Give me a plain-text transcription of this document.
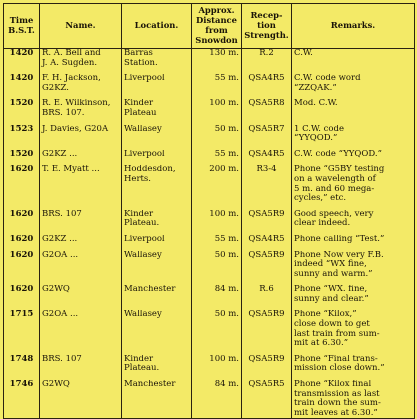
Time
B.S.T.	Name.	Location.	Approx.
Distance
from
Snowdon	Recep-
tion
Strength.	Remarks.
1420	R. A. Bell and
J. A. Sugden.	Barras
Station.	130 m.	R.2	C.W.

1420	F. H. Jackson,
G2KZ.	Liverpool	55 m.	QSA4R5	C.W. code word
“ZZQAK.”

1520	R. E. Wilkinson,
BRS. 107.	Kinder
Plateau	100 m.	QSA5R8	Mod. C.W.

1523	J. Davies, G20A	Wallasey	50 m.	QSA5R7	1 C.W. code
“YYQOD.”

1520	G2KZ ...	Liverpool	55 m.	QSA4R5	C.W. code “YYQOD.”

1620	T. E. Myatt ...	Hoddesdon,
Herts.	200 m.	R3-4	Phone “G5BY testing
on a wavelength of
5 m. and 60 mega-
cycles,” etc.

1620	BRS. 107	Kinder
Plateau.	100 m.	QSA5R9	Good speech, very
clear indeed.

1620	G2KZ ...	Liverpool	55 m.	QSA4R5	Phone calling “Test.”

1620	G2OA ...	Wallasey	50 m.	QSA5R9	Phone Now very F.B.
indeed “WX fine,
sunny and warm.”

1620	G2WQ	Manchester	84 m.	R.6	Phone “WX. fine,
sunny and clear.”

1715	G2OA ...	Wallasey	50 m.	QSA5R9	Phone “Kilox,”
close down to get
last train from sum-
mit at 6.30.”

1748	BRS. 107	Kinder
Plateau.	100 m.	QSA5R9	Phone “Final trans-
mission close down.”

1746	G2WQ	Manchester	84 m.	QSA5R5	Phone “Kilox final
transmission as last
train down the sum-
mit leaves at 6.30.”
